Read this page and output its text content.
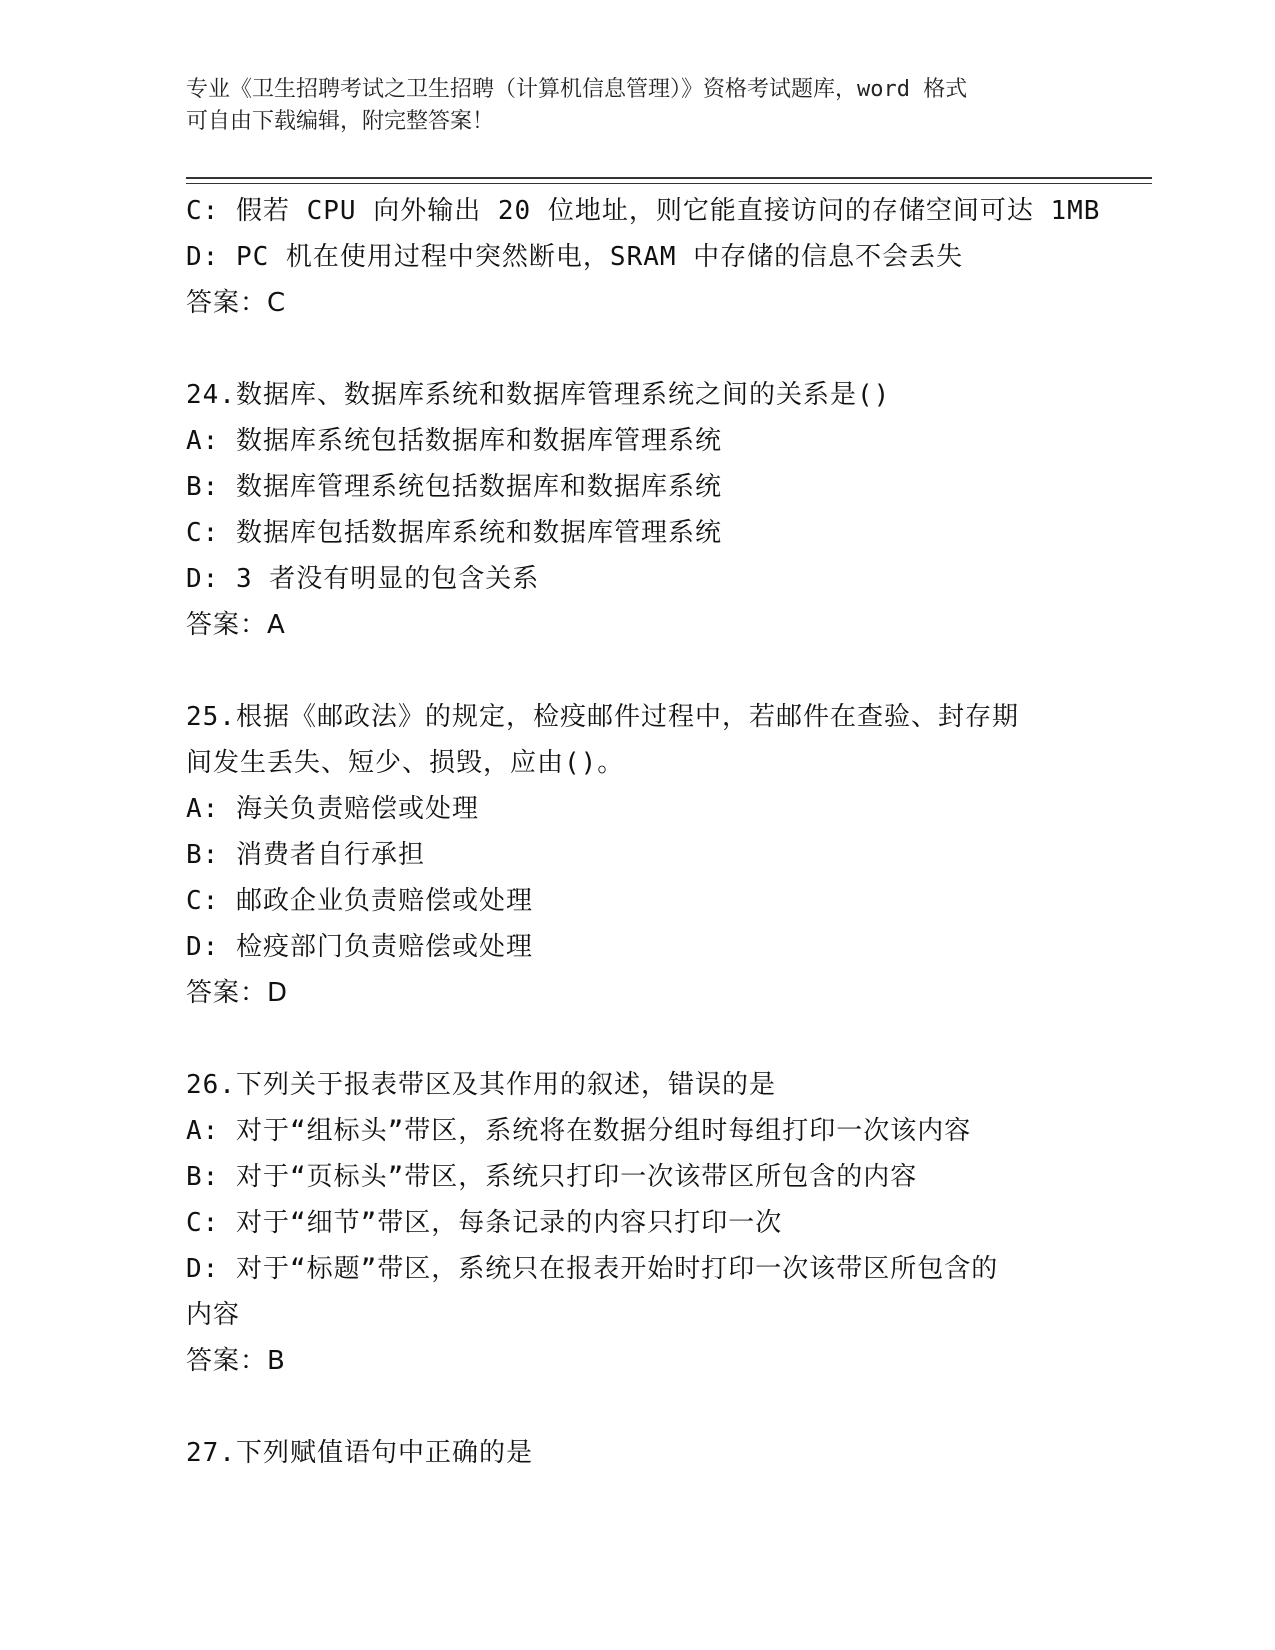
专业《卫生招聘考试之卫生招聘（计算机信息管理）》资格考试题库，word 格式
可自由下载编辑，附完整答案！
C: 假若 CPU 向外输出 20 位地址，则它能直接访问的存储空间可达 1MB
D: PC 机在使用过程中突然断电，SRAM 中存储的信息不会丢失
答案：C
24.数据库、数据库系统和数据库管理系统之间的关系是()
A: 数据库系统包括数据库和数据库管理系统
B: 数据库管理系统包括数据库和数据库系统
C: 数据库包括数据库系统和数据库管理系统
D: 3 者没有明显的包含关系
答案：A
25.根据《邮政法》的规定，检疫邮件过程中，若邮件在查验、封存期
间发生丢失、短少、损毁，应由()。
A: 海关负责赔偿或处理
B: 消费者自行承担
C: 邮政企业负责赔偿或处理
D: 检疫部门负责赔偿或处理
答案：D
26.下列关于报表带区及其作用的叙述，错误的是
A: 对于“组标头”带区，系统将在数据分组时每组打印一次该内容
B: 对于“页标头”带区，系统只打印一次该带区所包含的内容
C: 对于“细节”带区，每条记录的内容只打印一次
D: 对于“标题”带区，系统只在报表开始时打印一次该带区所包含的
内容
答案：B
27.下列赋值语句中正确的是
